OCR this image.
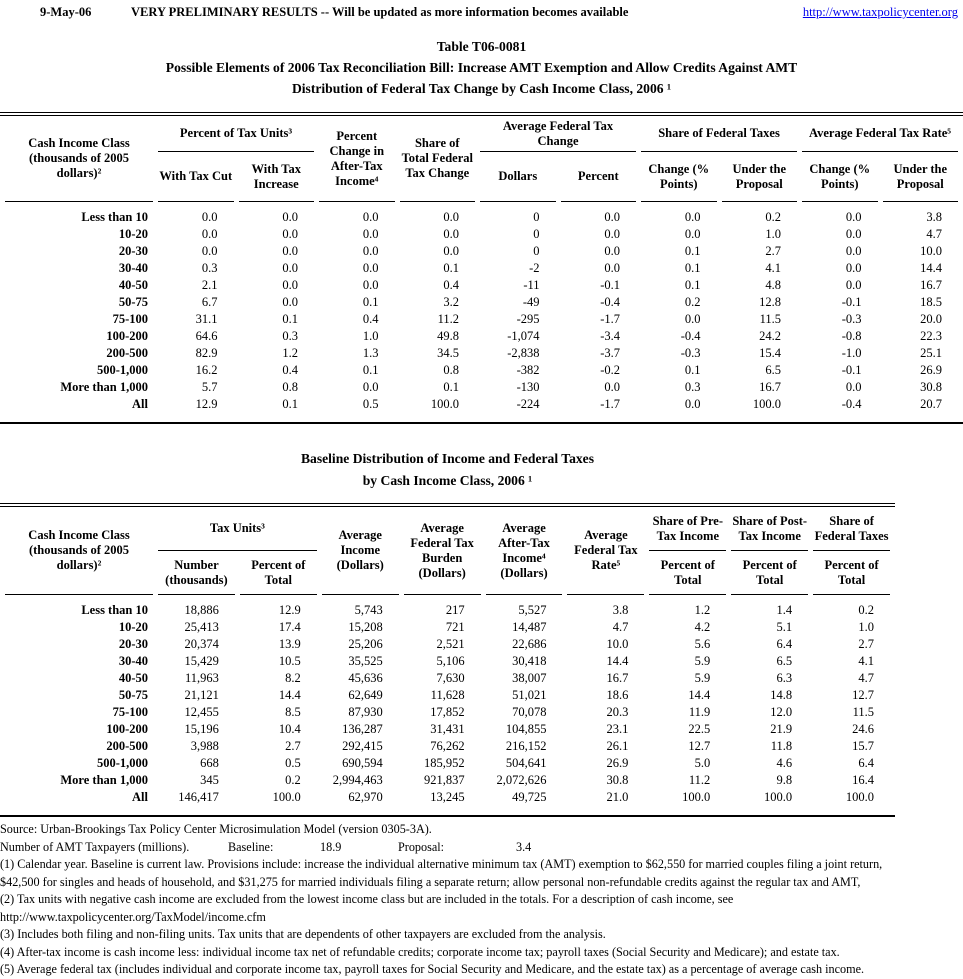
9-May-06	VERY PRELIMINARY RESULTS -- Will be updated as more information becomes available	http://www.taxpolicycenter.org
Table T06-0081
Possible Elements of 2006 Tax Reconciliation Bill: Increase AMT Exemption and Allow Credits Against AMT
Distribution of Federal Tax Change by Cash Income Class, 2006 ¹
Cash Income Class (thousands of 2005 dollars)²	Percent of Tax Units³		Percent Change in After-Tax Income⁴	Share of Total Federal Tax Change	Average Federal Tax Change		Share of Federal Taxes		Average Federal Tax Rate⁵	
	With Tax Cut	With Tax Increase			Dollars	Percent	Change (% Points)	Under the Proposal	Change (% Points)	Under the Proposal
Less than 10	0.0	0.0	0.0	0.0	0	0.0	0.0	0.2	0.0	3.8
10-20	0.0	0.0	0.0	0.0	0	0.0	0.0	1.0	0.0	4.7
20-30	0.0	0.0	0.0	0.0	0	0.0	0.1	2.7	0.0	10.0
30-40	0.3	0.0	0.0	0.1	-2	0.0	0.1	4.1	0.0	14.4
40-50	2.1	0.0	0.0	0.4	-11	-0.1	0.1	4.8	0.0	16.7
50-75	6.7	0.0	0.1	3.2	-49	-0.4	0.2	12.8	-0.1	18.5
75-100	31.1	0.1	0.4	11.2	-295	-1.7	0.0	11.5	-0.3	20.0
100-200	64.6	0.3	1.0	49.8	-1,074	-3.4	-0.4	24.2	-0.8	22.3
200-500	82.9	1.2	1.3	34.5	-2,838	-3.7	-0.3	15.4	-1.0	25.1
500-1,000	16.2	0.4	0.1	0.8	-382	-0.2	0.1	6.5	-0.1	26.9
More than 1,000	5.7	0.8	0.0	0.1	-130	0.0	0.3	16.7	0.0	30.8
All	12.9	0.1	0.5	100.0	-224	-1.7	0.0	100.0	-0.4	20.7
Baseline Distribution of Income and Federal Taxes
by Cash Income Class, 2006 ¹
Cash Income Class (thousands of 2005 dollars)²	Tax Units³		Average Income (Dollars)	Average Federal Tax Burden (Dollars)	Average After-Tax Income⁴ (Dollars)	Average Federal Tax Rate⁵	Share of Pre-Tax Income	Share of Post-Tax Income	Share of Federal Taxes
	Number (thousands)	Percent of Total					Percent of Total	Percent of Total	Percent of Total
Less than 10	18,886	12.9	5,743	217	5,527	3.8	1.2	1.4	0.2
10-20	25,413	17.4	15,208	721	14,487	4.7	4.2	5.1	1.0
20-30	20,374	13.9	25,206	2,521	22,686	10.0	5.6	6.4	2.7
30-40	15,429	10.5	35,525	5,106	30,418	14.4	5.9	6.5	4.1
40-50	11,963	8.2	45,636	7,630	38,007	16.7	5.9	6.3	4.7
50-75	21,121	14.4	62,649	11,628	51,021	18.6	14.4	14.8	12.7
75-100	12,455	8.5	87,930	17,852	70,078	20.3	11.9	12.0	11.5
100-200	15,196	10.4	136,287	31,431	104,855	23.1	22.5	21.9	24.6
200-500	3,988	2.7	292,415	76,262	216,152	26.1	12.7	11.8	15.7
500-1,000	668	0.5	690,594	185,952	504,641	26.9	5.0	4.6	6.4
More than 1,000	345	0.2	2,994,463	921,837	2,072,626	30.8	11.2	9.8	16.4
All	146,417	100.0	62,970	13,245	49,725	21.0	100.0	100.0	100.0
Source: Urban-Brookings Tax Policy Center Microsimulation Model (version 0305-3A).
Number of AMT Taxpayers (millions).	Baseline:	18.9	Proposal:	3.4
(1) Calendar year. Baseline is current law. Provisions include: increase the individual alternative minimum tax (AMT) exemption to $62,550 for married couples filing a joint return,
$42,500 for singles and heads of household, and $31,275 for married individuals filing a separate return; allow personal non-refundable credits against the regular tax and AMT,
(2) Tax units with negative cash income are excluded from the lowest income class but are included in the totals. For a description of cash income, see
http://www.taxpolicycenter.org/TaxModel/income.cfm
(3) Includes both filing and non-filing units. Tax units that are dependents of other taxpayers are excluded from the analysis.
(4) After-tax income is cash income less: individual income tax net of refundable credits; corporate income tax; payroll taxes (Social Security and Medicare); and estate tax.
(5) Average federal tax (includes individual and corporate income tax, payroll taxes for Social Security and Medicare, and the estate tax) as a percentage of average cash income.
